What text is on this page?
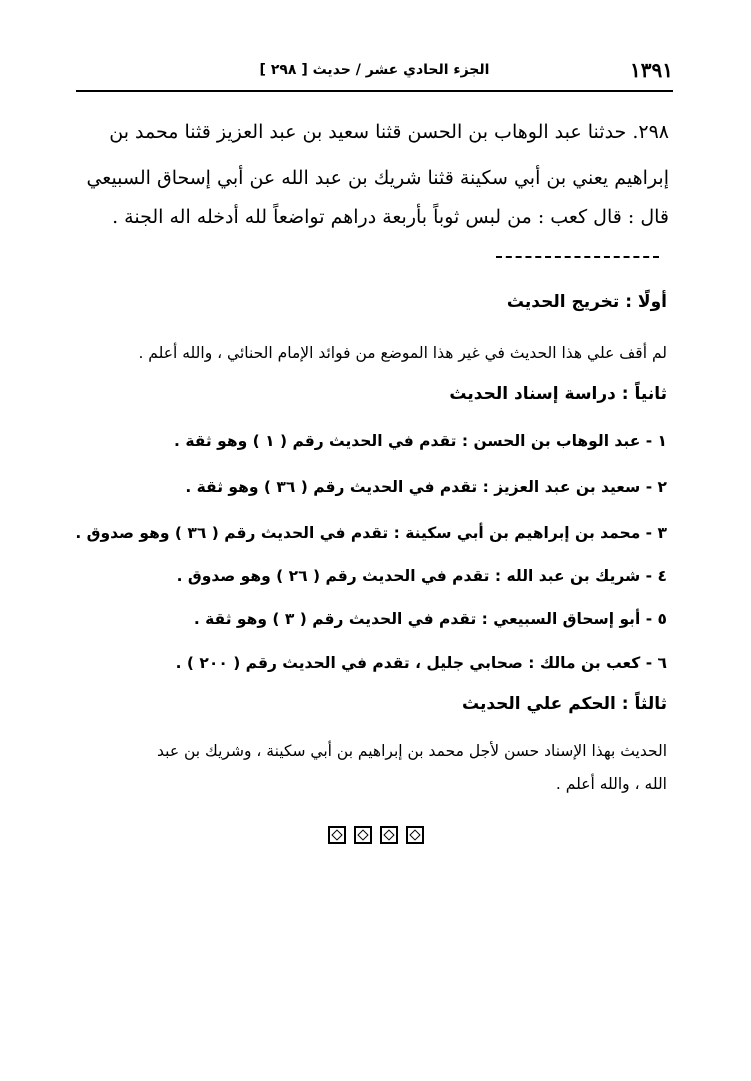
١٣٩١
الجزء الحادي عشر / حديث [ ٢٩٨ ]
٢٩٨. حدثنا عبد الوهاب بن الحسن قثنا سعيد بن عبد العزيز قثنا محمد بن
إبراهيم يعني بن أبي سكينة قثنا شريك بن عبد الله عن أبي إسحاق السبيعي
قال : قال كعب : من لبس ثوباً بأربعة دراهم تواضعاً لله أدخله اله الجنة .
أولًا : تخريج الحديث
لم أقف علي هذا الحديث في غير هذا الموضع من فوائد الإمام الحنائي ، والله أعلم .
ثانياً : دراسة إسناد الحديث
١ - عبد الوهاب بن الحسن : تقدم في الحديث رقم ( ١ ) وهو ثقة .
٢ - سعيد بن عبد العزيز : تقدم في الحديث رقم ( ٣٦ ) وهو ثقة .
٣ - محمد بن إبراهيم بن أبي سكينة : تقدم في الحديث رقم ( ٣٦ ) وهو صدوق .
٤ - شريك بن عبد الله : تقدم في الحديث رقم ( ٢٦ ) وهو صدوق .
٥ - أبو إسحاق السبيعي : تقدم في الحديث رقم ( ٣ ) وهو ثقة .
٦ - كعب بن مالك : صحابي جليل ، تقدم في الحديث رقم ( ٢٠٠ ) .
ثالثاً : الحكم علي الحديث
الحديث بهذا الإسناد حسن لأجل محمد بن إبراهيم بن أبي سكينة ، وشريك بن عبد
الله ، والله أعلم .
